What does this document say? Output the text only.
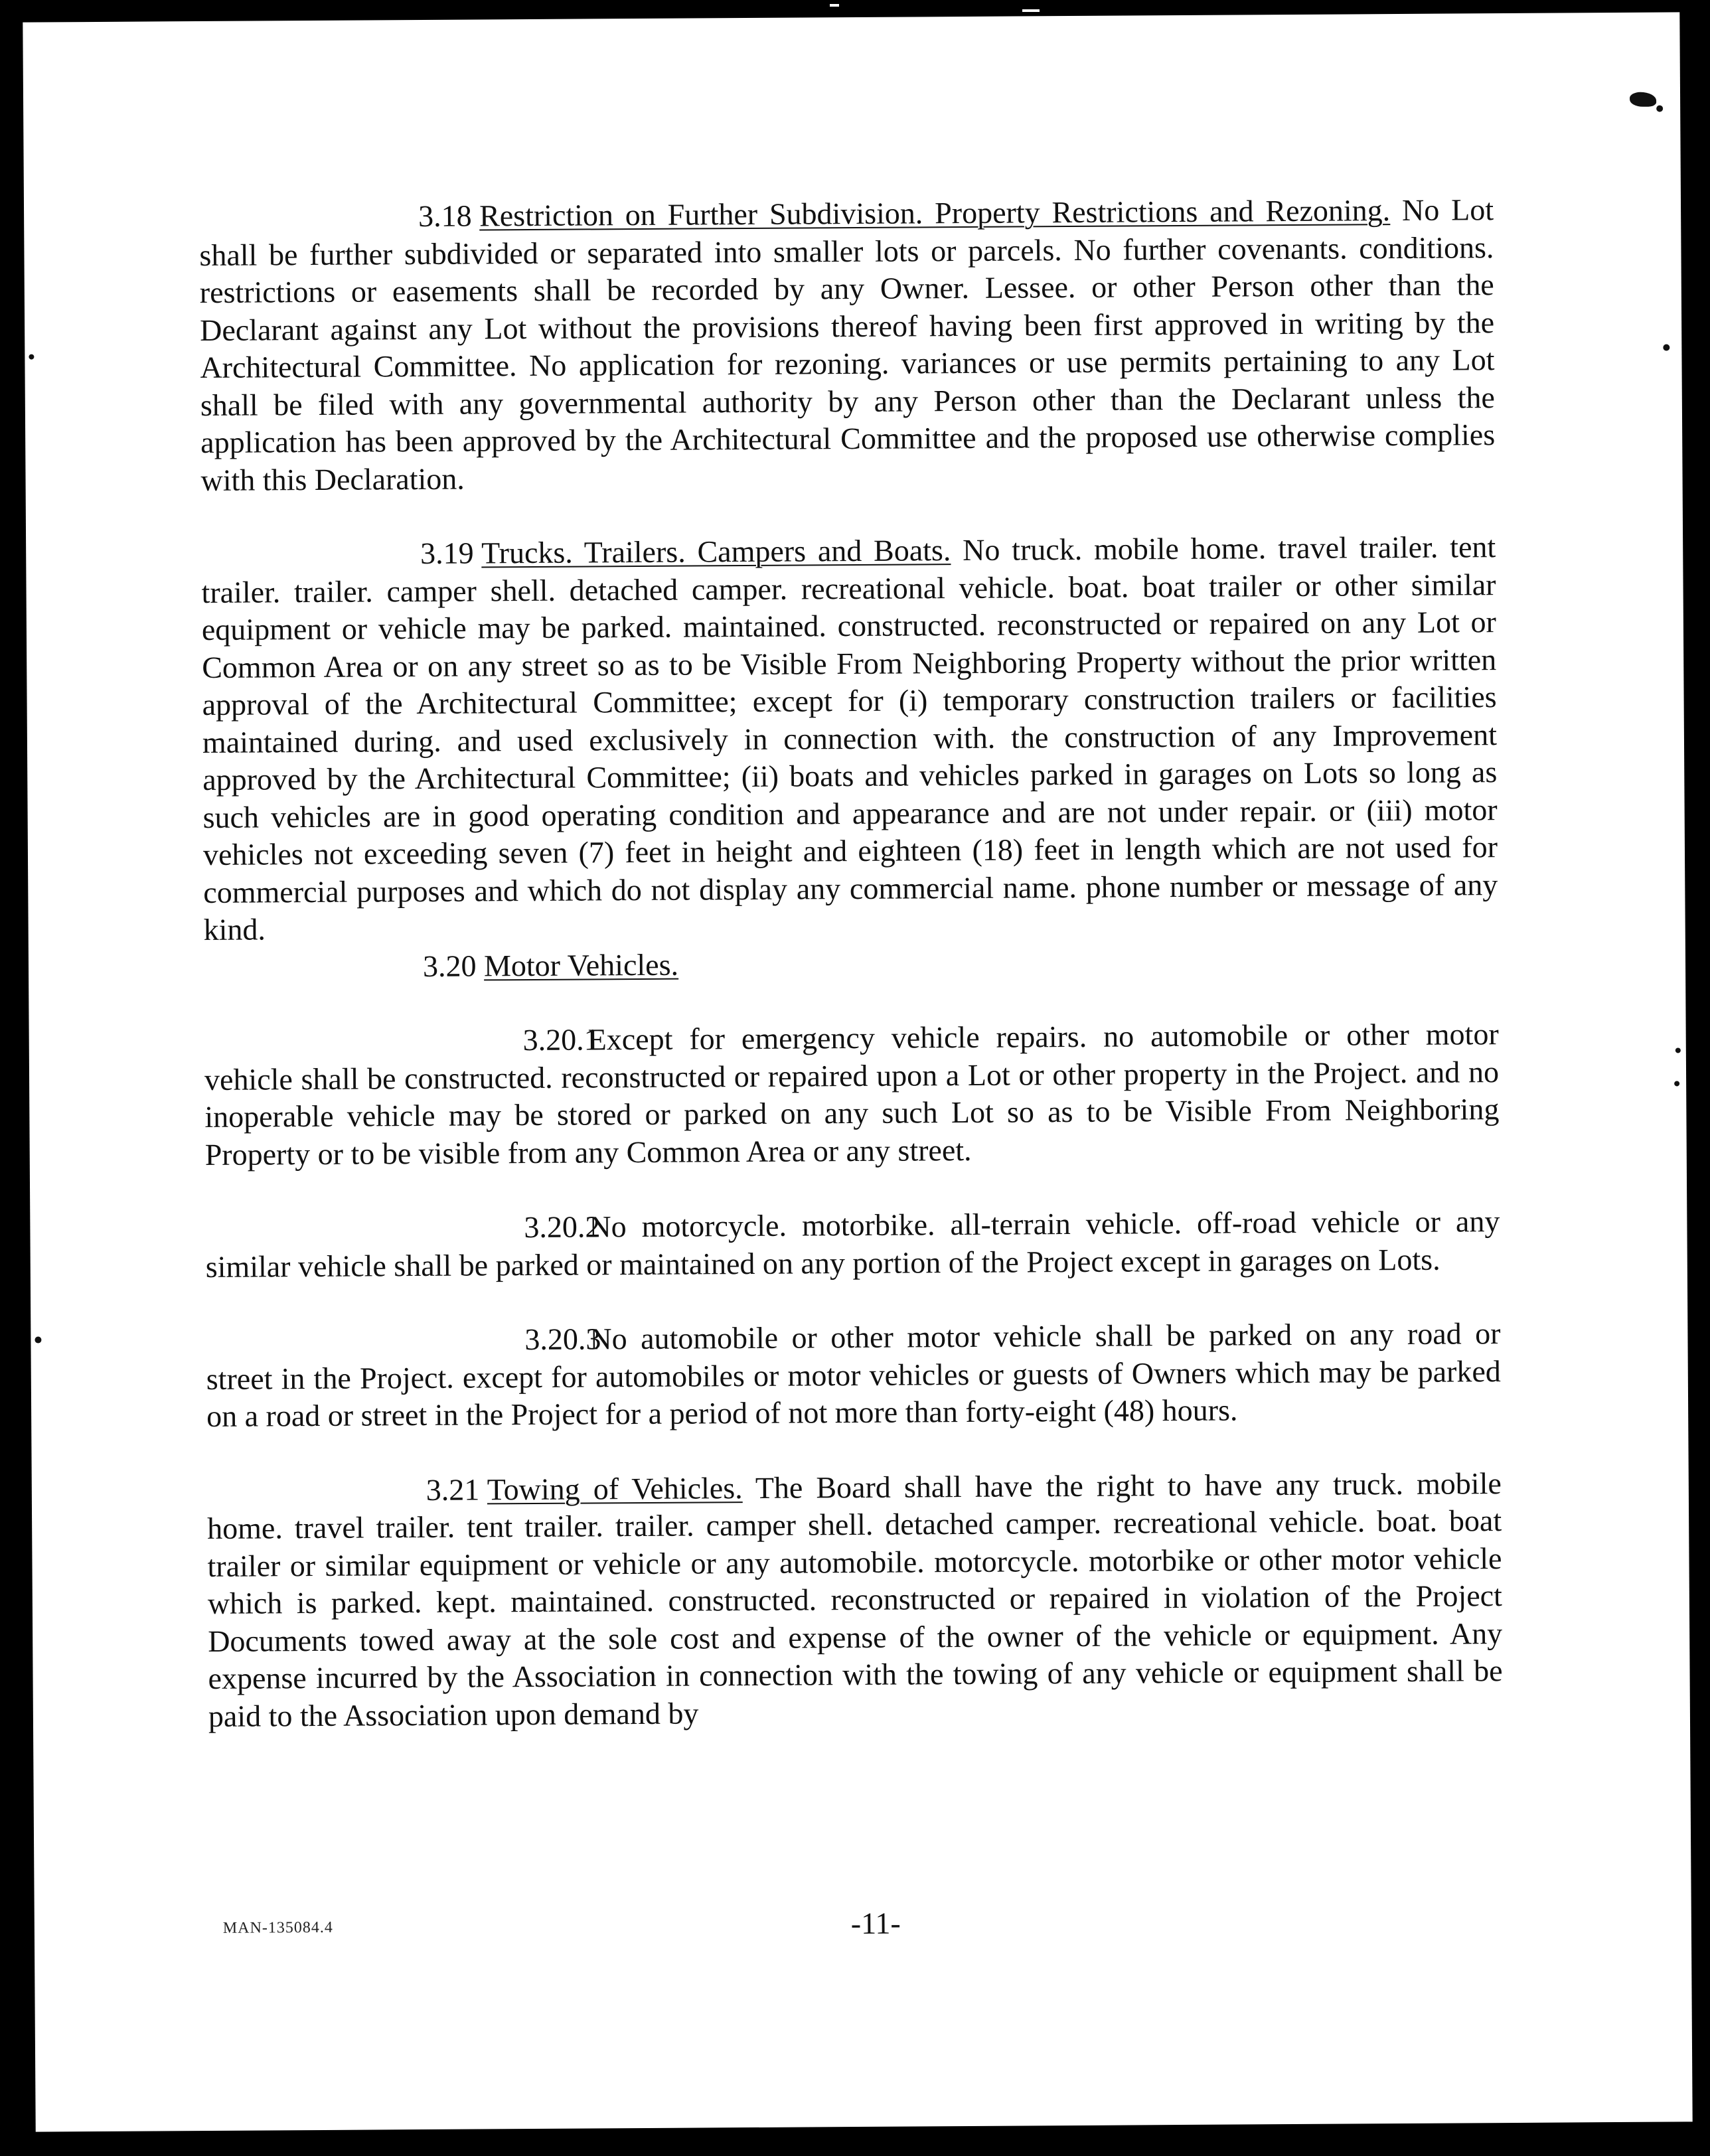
3.18 Restriction on Further Subdivision. Property Restrictions and Rezoning. No Lot shall be further subdivided or separated into smaller lots or parcels. No further covenants. conditions. restrictions or easements shall be recorded by any Owner. Lessee. or other Person other than the Declarant against any Lot without the provisions thereof having been first approved in writing by the Architectural Committee. No application for rezoning. variances or use permits pertaining to any Lot shall be filed with any governmental authority by any Person other than the Declarant unless the application has been approved by the Architectural Committee and the proposed use otherwise complies with this Declaration.

3.19 Trucks. Trailers. Campers and Boats. No truck. mobile home. travel trailer. tent trailer. trailer. camper shell. detached camper. recreational vehicle. boat. boat trailer or other similar equipment or vehicle may be parked. maintained. constructed. reconstructed or repaired on any Lot or Common Area or on any street so as to be Visible From Neighboring Property without the prior written approval of the Architectural Committee; except for (i) temporary construction trailers or facilities maintained during. and used exclusively in connection with. the construction of any Improvement approved by the Architectural Committee; (ii) boats and vehicles parked in garages on Lots so long as such vehicles are in good operating condition and appearance and are not under repair. or (iii) motor vehicles not exceeding seven (7) feet in height and eighteen (18) feet in length which are not used for commercial purposes and which do not display any commercial name. phone number or message of any kind.

3.20 Motor Vehicles.

3.20.1Except for emergency vehicle repairs. no automobile or other motor vehicle shall be constructed. reconstructed or repaired upon a Lot or other property in the Project. and no inoperable vehicle may be stored or parked on any such Lot so as to be Visible From Neighboring Property or to be visible from any Common Area or any street.

3.20.2No motorcycle. motorbike. all-terrain vehicle. off-road vehicle or any similar vehicle shall be parked or maintained on any portion of the Project except in garages on Lots.

3.20.3No automobile or other motor vehicle shall be parked on any road or street in the Project. except for automobiles or motor vehicles or guests of Owners which may be parked on a road or street in the Project for a period of not more than forty-eight (48) hours.

3.21 Towing of Vehicles. The Board shall have the right to have any truck. mobile home. travel trailer. tent trailer. trailer. camper shell. detached camper. recreational vehicle. boat. boat trailer or similar equipment or vehicle or any automobile. motorcycle. motorbike or other motor vehicle which is parked. kept. maintained. constructed. reconstructed or repaired in violation of the Project Documents towed away at the sole cost and expense of the owner of the vehicle or equipment. Any expense incurred by the Association in connection with the towing of any vehicle or equipment shall be paid to the Association upon demand by

MAN-135084.4	-11-
